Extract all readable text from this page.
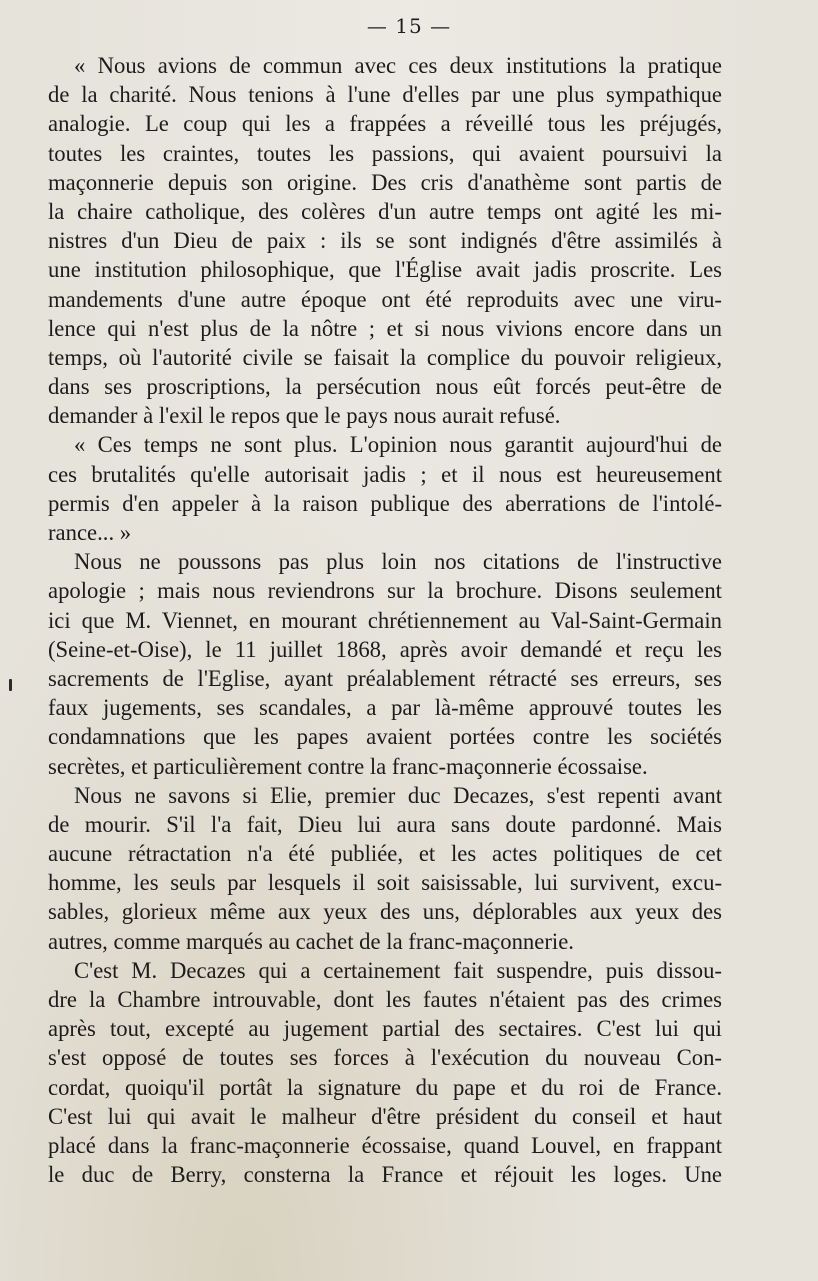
— 15 —
« Nous avions de commun avec ces deux institutions la pratique
de la charité. Nous tenions à l'une d'elles par une plus sympathique
analogie. Le coup qui les a frappées a réveillé tous les préjugés,
toutes les craintes, toutes les passions, qui avaient poursuivi la
maçonnerie depuis son origine. Des cris d'anathème sont partis de
la chaire catholique, des colères d'un autre temps ont agité les mi-
nistres d'un Dieu de paix : ils se sont indignés d'être assimilés à
une institution philosophique, que l'Église avait jadis proscrite. Les
mandements d'une autre époque ont été reproduits avec une viru-
lence qui n'est plus de la nôtre ; et si nous vivions encore dans un
temps, où l'autorité civile se faisait la complice du pouvoir religieux,
dans ses proscriptions, la persécution nous eût forcés peut-être de
demander à l'exil le repos que le pays nous aurait refusé.
« Ces temps ne sont plus. L'opinion nous garantit aujourd'hui de
ces brutalités qu'elle autorisait jadis ; et il nous est heureusement
permis d'en appeler à la raison publique des aberrations de l'intolé-
rance... »
Nous ne poussons pas plus loin nos citations de l'instructive
apologie ; mais nous reviendrons sur la brochure. Disons seulement
ici que M. Viennet, en mourant chrétiennement au Val-Saint-Germain
(Seine-et-Oise), le 11 juillet 1868, après avoir demandé et reçu les
sacrements de l'Eglise, ayant préalablement rétracté ses erreurs, ses
faux jugements, ses scandales, a par là-même approuvé toutes les
condamnations que les papes avaient portées contre les sociétés
secrètes, et particulièrement contre la franc-maçonnerie écossaise.
Nous ne savons si Elie, premier duc Decazes, s'est repenti avant
de mourir. S'il l'a fait, Dieu lui aura sans doute pardonné. Mais
aucune rétractation n'a été publiée, et les actes politiques de cet
homme, les seuls par lesquels il soit saisissable, lui survivent, excu-
sables, glorieux même aux yeux des uns, déplorables aux yeux des
autres, comme marqués au cachet de la franc-maçonnerie.
C'est M. Decazes qui a certainement fait suspendre, puis dissou-
dre la Chambre introuvable, dont les fautes n'étaient pas des crimes
après tout, excepté au jugement partial des sectaires. C'est lui qui
s'est opposé de toutes ses forces à l'exécution du nouveau Con-
cordat, quoiqu'il portât la signature du pape et du roi de France.
C'est lui qui avait le malheur d'être président du conseil et haut
placé dans la franc-maçonnerie écossaise, quand Louvel, en frappant
le duc de Berry, consterna la France et réjouit les loges. Une
